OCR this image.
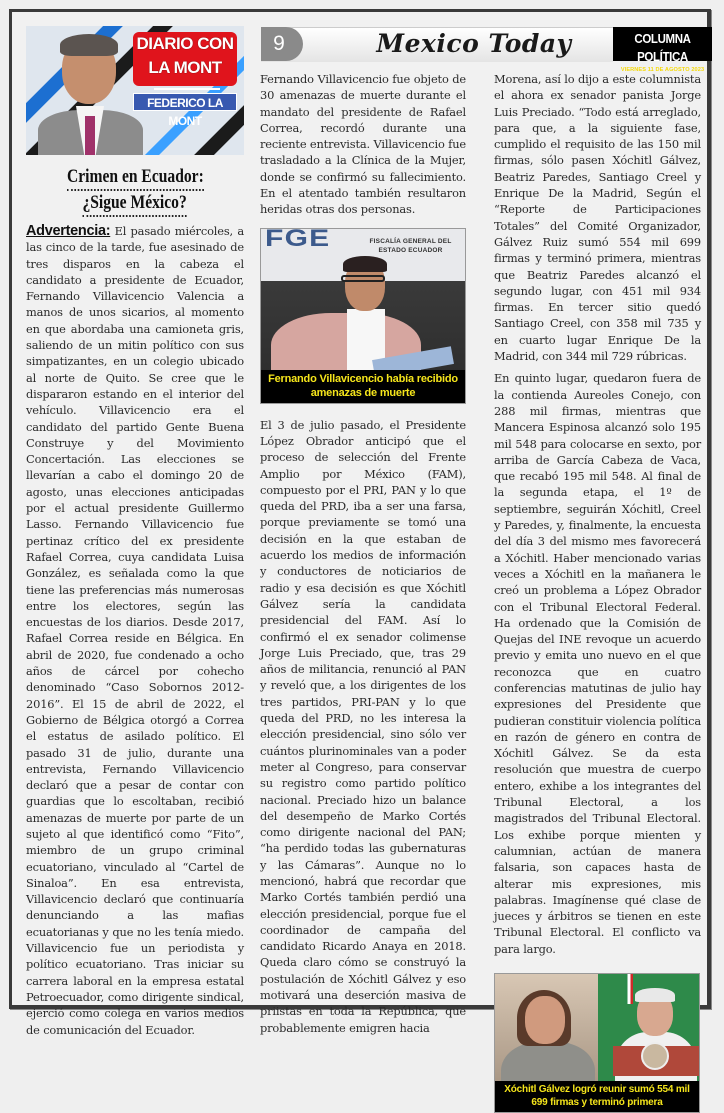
DIARIO CON
LA MONT
FEDERICO LA MONT
Crimen en Ecuador:
¿Sigue México?

Advertencia: El pasado miércoles, a las cinco de la tarde, fue asesinado de tres disparos en la cabeza el candidato a presidente de Ecuador, Fernando Villavicencio Valencia a manos de unos sicarios, al momento en que abordaba una camioneta gris, saliendo de un mitin político con sus simpatizantes, en un colegio ubicado al norte de Quito. Se cree que le dispararon estando en el interior del vehículo. Villavicencio era el candidato del partido Gente Buena Construye y del Movimiento Concertación. Las elecciones se llevarían a cabo el domingo 20 de agosto, unas elecciones anticipadas por el actual presidente Guillermo Lasso. Fernando Villavicencio fue pertinaz crítico del ex presidente Rafael Correa, cuya candidata Luisa González, es señalada como la que tiene las preferencias más numerosas entre los electores, según las encuestas de los diarios. Desde 2017, Rafael Correa reside en Bélgica. En abril de 2020, fue condenado a ocho años de cárcel por cohecho denominado “Caso Sobornos 2012-2016”. El 15 de abril de 2022, el Gobierno de Bélgica otorgó a Correa el estatus de asilado político. El pasado 31 de julio, durante una entrevista, Fernando Villavicencio declaró que a pesar de contar con guardias que lo escoltaban, recibió amenazas de muerte por parte de un sujeto al que identificó como “Fito”, miembro de un grupo criminal ecuatoriano, vinculado al “Cartel de Sinaloa”. En esa entrevista, Villavicencio declaró que continuaría denunciando a las mafias ecuatorianas y que no les tenía miedo. Villavicencio fue un periodista y político ecuatoriano. Tras iniciar su carrera laboral en la empresa estatal Petroecuador, como dirigente sindical, ejerció como colega en varios medios de comunicación del Ecuador.

9	Mexico Today	COLUMNA POLÍTICA
VIERNES 11 DE AGOSTO 2023

Fernando Villavicencio fue objeto de 30 amenazas de muerte durante el mandato del presidente de Rafael Correa, recordó durante una reciente entrevista. Villavicencio fue trasladado a la Clínica de la Mujer, donde se confirmó su fallecimiento. En el atentado también resultaron heridas otras dos personas.

FGE	FISCALÍA GENERAL DEL ESTADO ECUADOR
Fernando Villavicencio había recibido amenazas de muerte

El 3 de julio pasado, el Presidente López Obrador anticipó que el proceso de selección del Frente Amplio por México (FAM), compuesto por el PRI, PAN y lo que queda del PRD, iba a ser una farsa, porque previamente se tomó una decisión en la que estaban de acuerdo los medios de información y conductores de noticiarios de radio y esa decisión es que Xóchitl Gálvez sería la candidata presidencial del FAM. Así lo confirmó el ex senador colimense Jorge Luis Preciado, que, tras 29 años de militancia, renunció al PAN y reveló que, a los dirigentes de los tres partidos, PRI-PAN y lo que queda del PRD, no les interesa la elección presidencial, sino sólo ver cuántos plurinominales van a poder meter al Congreso, para conservar su registro como partido político nacional. Preciado hizo un balance del desempeño de Marko Cortés como dirigente nacional del PAN; “ha perdido todas las gubernaturas y las Cámaras”. Aunque no lo mencionó, habrá que recordar que Marko Cortés también perdió una elección presidencial, porque fue el coordinador de campaña del candidato Ricardo Anaya en 2018. Queda claro cómo se construyó la postulación de Xóchitl Gálvez y eso motivará una deserción masiva de priistas en toda la República, que probablemente emigren hacia

Morena, así lo dijo a este columnista el ahora ex senador panista Jorge Luis Preciado. “Todo está arreglado, para que, a la siguiente fase, cumplido el requisito de las 150 mil firmas, sólo pasen Xóchitl Gálvez, Beatriz Paredes, Santiago Creel y Enrique De la Madrid, Según el “Reporte de Participaciones Totales” del Comité Organizador, Gálvez Ruiz sumó 554 mil 699 firmas y terminó primera, mientras que Beatriz Paredes alcanzó el segundo lugar, con 451 mil 934 firmas. En tercer sitio quedó Santiago Creel, con 358 mil 735 y en cuarto lugar Enrique De la Madrid, con 344 mil 729 rúbricas.

En quinto lugar, quedaron fuera de la contienda Aureoles Conejo, con 288 mil firmas, mientras que Mancera Espinosa alcanzó solo 195 mil 548 para colocarse en sexto, por arriba de García Cabeza de Vaca, que recabó 195 mil 548. Al final de la segunda etapa, el 1º de septiembre, seguirán Xóchitl, Creel y Paredes, y, finalmente, la encuesta del día 3 del mismo mes favorecerá a Xóchitl. Haber mencionado varias veces a Xóchitl en la mañanera le creó un problema a López Obrador con el Tribunal Electoral Federal. Ha ordenado que la Comisión de Quejas del INE revoque un acuerdo previo y emita uno nuevo en el que reconozca que en cuatro conferencias matutinas de julio hay expresiones del Presidente que pudieran constituir violencia política en razón de género en contra de Xóchitl Gálvez. Se da esta resolución que muestra de cuerpo entero, exhibe a los integrantes del Tribunal Electoral, a los magistrados del Tribunal Electoral. Los exhibe porque mienten y calumnian, actúan de manera falsaria, son capaces hasta de alterar mis expresiones, mis palabras. Imagínense qué clase de jueces y árbitros se tienen en este Tribunal Electoral. El conflicto va para largo.

Xóchitl Gálvez logró reunir sumó 554 mil 699 firmas y terminó primera
